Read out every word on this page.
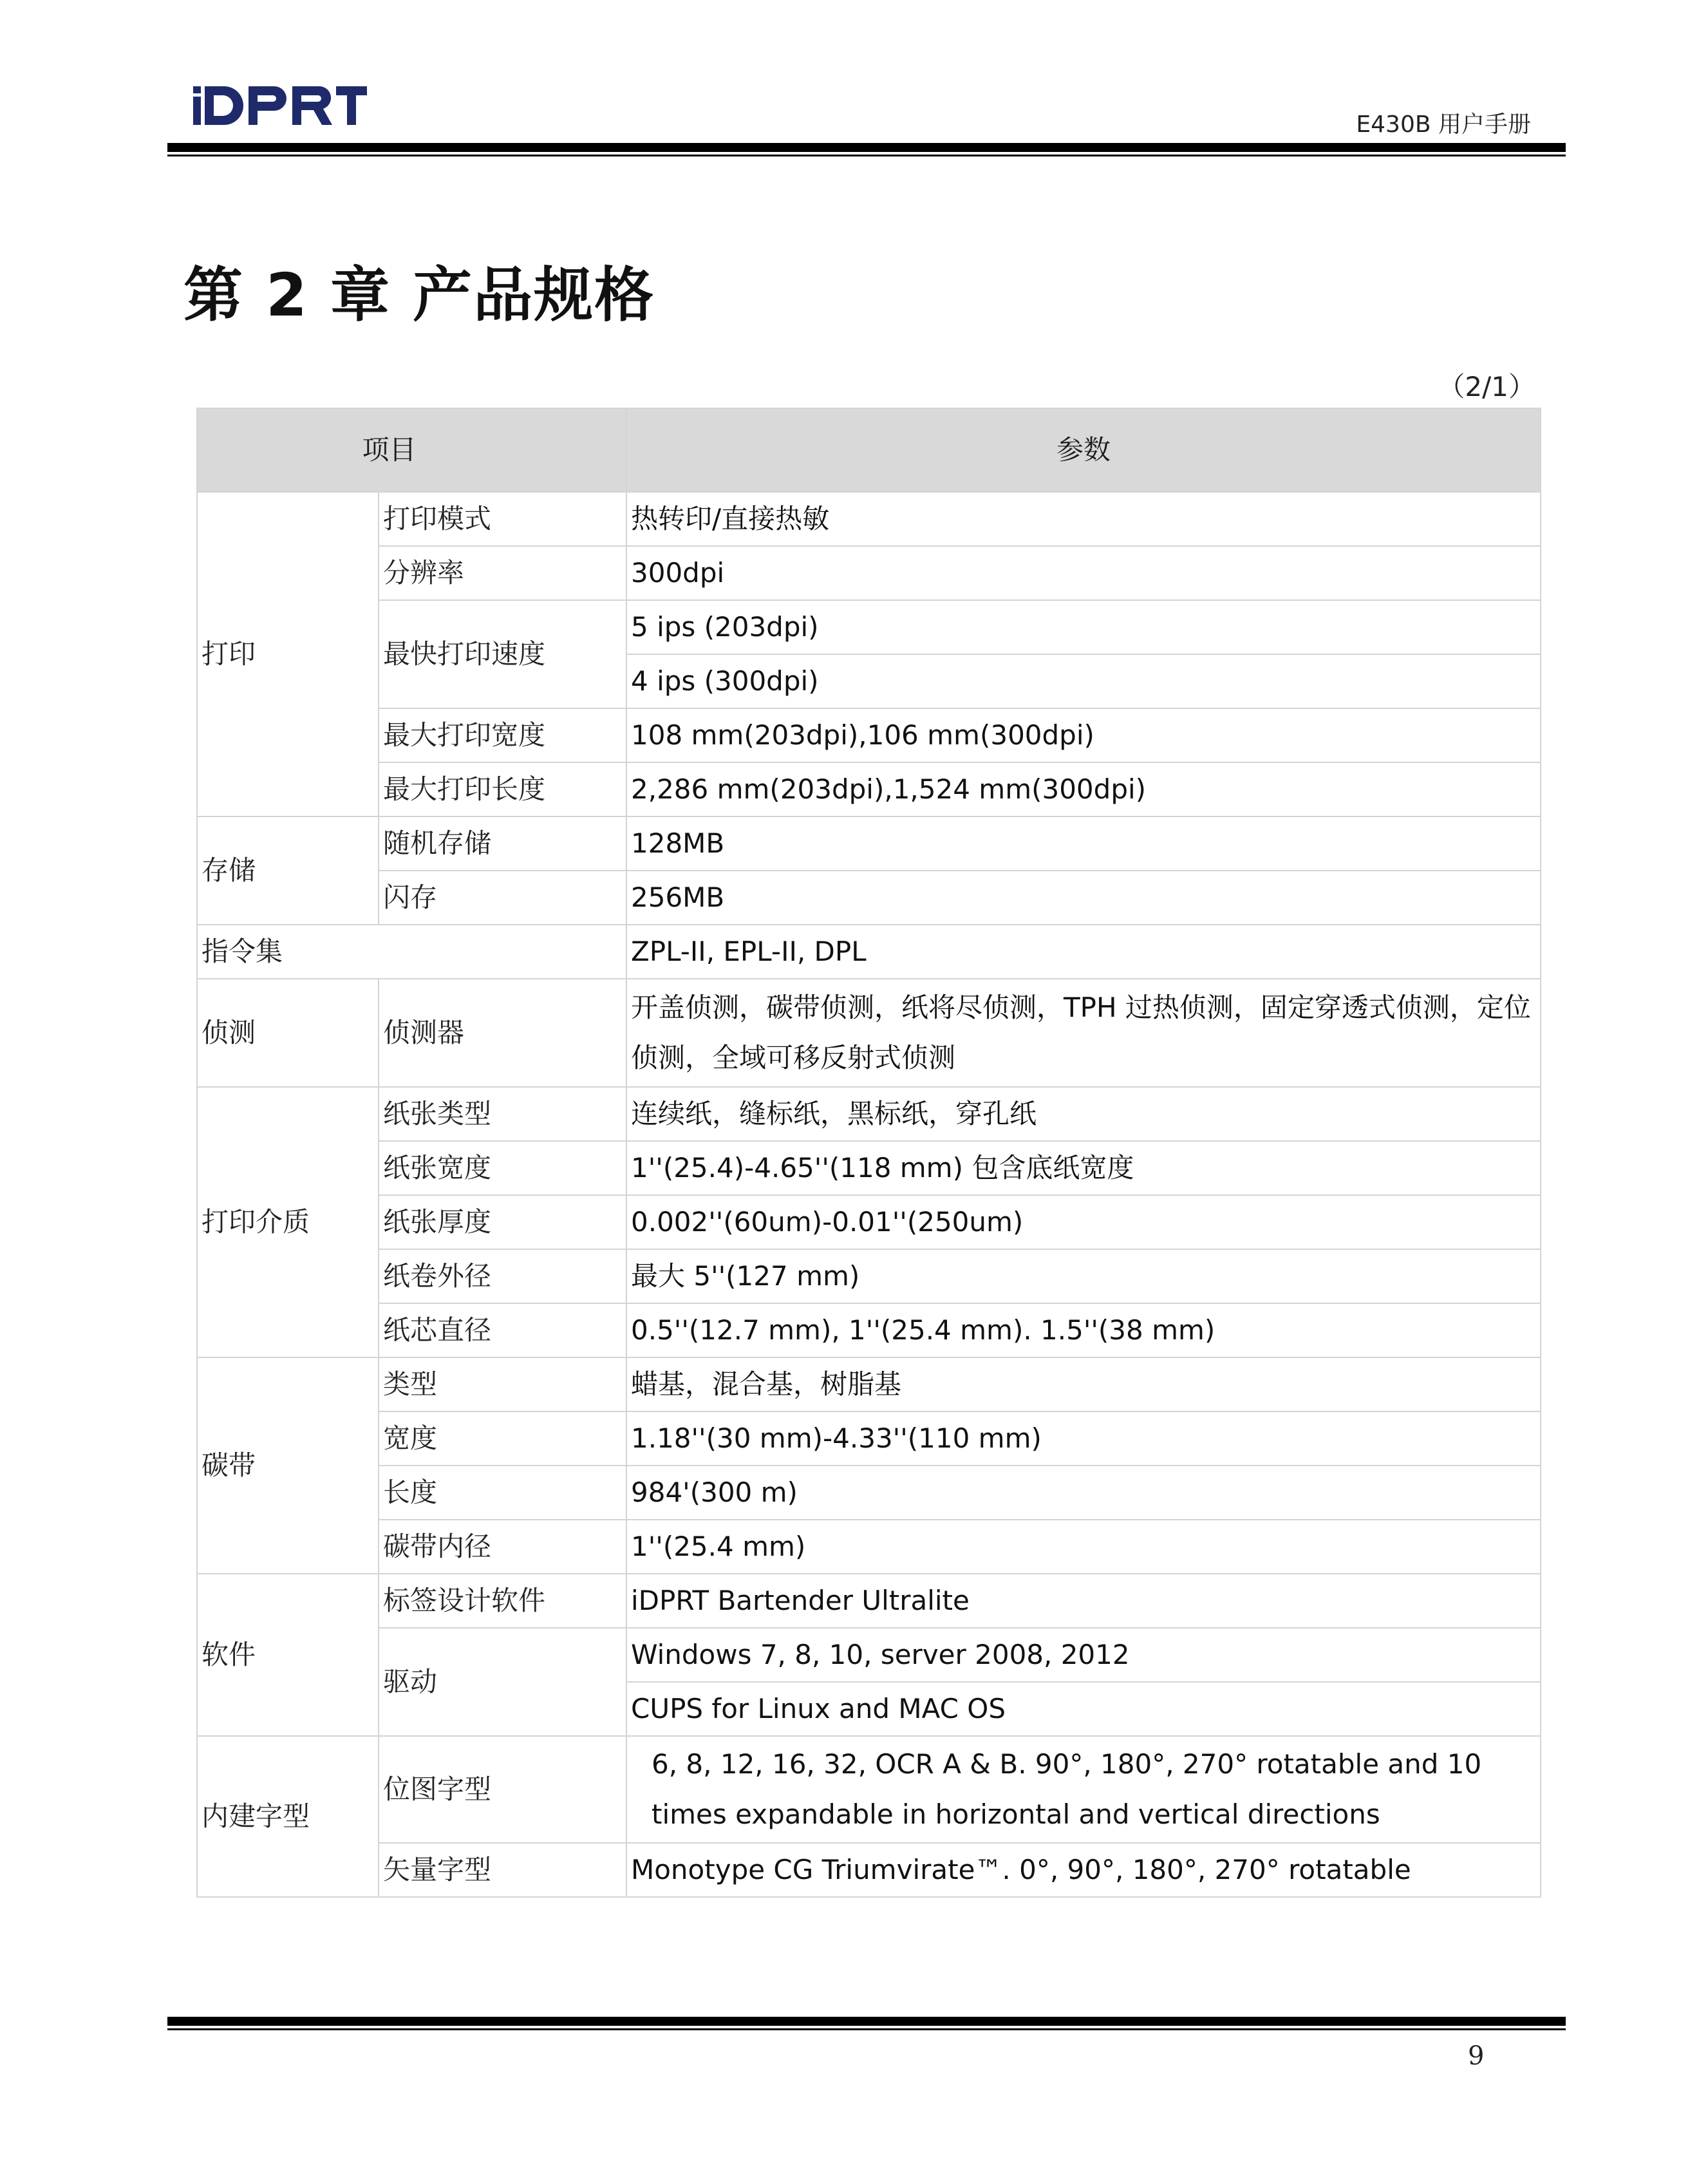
E430B 用户手册
第 2 章 产品规格
（2/1）
项目		参数
打印	打印模式	热转印/直接热敏
	分辨率	300dpi
	最快打印速度	5 ips (203dpi)
		4 ips (300dpi)
	最大打印宽度	108 mm(203dpi),106 mm(300dpi)
	最大打印长度	2,286 mm(203dpi),1,524 mm(300dpi)
存储	随机存储	128MB
	闪存	256MB
指令集		ZPL-II, EPL-II, DPL
侦测	侦测器	开盖侦测，碳带侦测，纸将尽侦测，TPH 过热侦测，固定穿透式侦测，定位侦测，全域可移反射式侦测
打印介质	纸张类型	连续纸，缝标纸，黑标纸，穿孔纸
	纸张宽度	1''(25.4)-4.65''(118 mm) 包含底纸宽度
	纸张厚度	0.002''(60um)-0.01''(250um)
	纸卷外径	最大 5''(127 mm)
	纸芯直径	0.5''(12.7 mm), 1''(25.4 mm). 1.5''(38 mm)
碳带	类型	蜡基，混合基，树脂基
	宽度	1.18''(30 mm)-4.33''(110 mm)
	长度	984'(300 m)
	碳带内径	1''(25.4 mm)
软件	标签设计软件	iDPRT Bartender Ultralite
	驱动	Windows 7, 8, 10, server 2008, 2012
		CUPS for Linux and MAC OS
内建字型	位图字型	6, 8, 12, 16, 32, OCR A & B. 90°, 180°, 270° rotatable and 10 times expandable in horizontal and vertical directions
	矢量字型	Monotype CG Triumvirate™. 0°, 90°, 180°, 270° rotatable
9
